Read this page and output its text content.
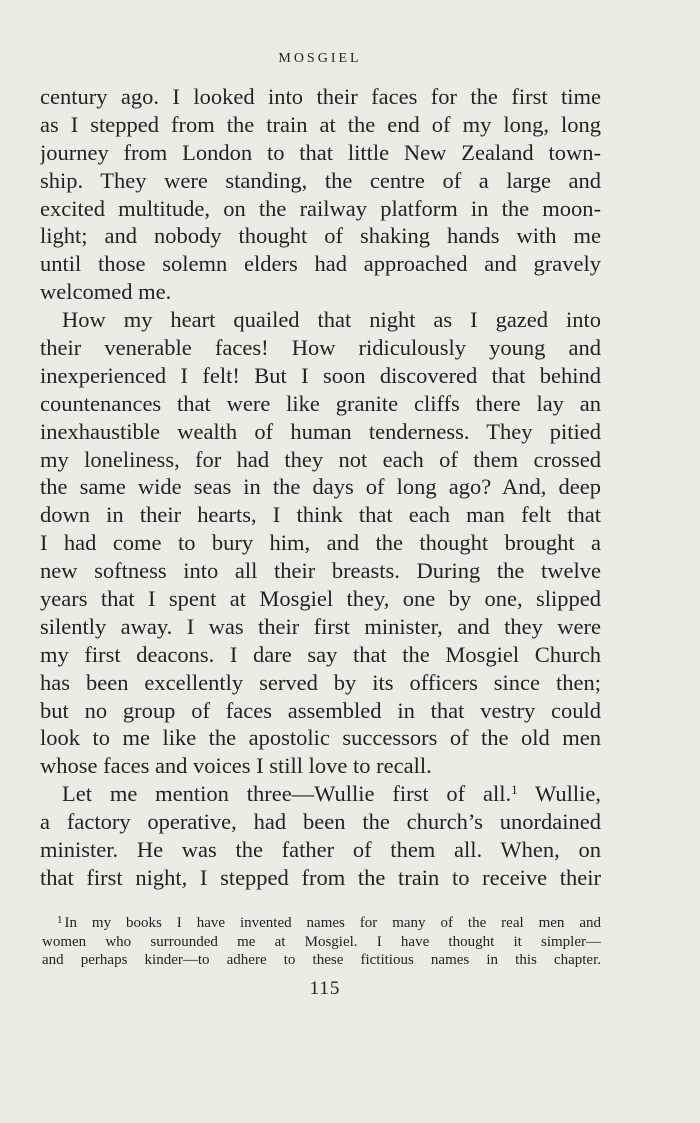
MOSGIEL
century ago. I looked into their faces for the first time
as I stepped from the train at the end of my long, long
journey from London to that little New Zealand town-
ship. They were standing, the centre of a large and
excited multitude, on the railway platform in the moon-
light; and nobody thought of shaking hands with me
until those solemn elders had approached and gravely
welcomed me.
How my heart quailed that night as I gazed into
their venerable faces! How ridiculously young and
inexperienced I felt! But I soon discovered that behind
countenances that were like granite cliffs there lay an
inexhaustible wealth of human tenderness. They pitied
my loneliness, for had they not each of them crossed
the same wide seas in the days of long ago? And, deep
down in their hearts, I think that each man felt that
I had come to bury him, and the thought brought a
new softness into all their breasts. During the twelve
years that I spent at Mosgiel they, one by one, slipped
silently away. I was their first minister, and they were
my first deacons. I dare say that the Mosgiel Church
has been excellently served by its officers since then;
but no group of faces assembled in that vestry could
look to me like the apostolic successors of the old men
whose faces and voices I still love to recall.
Let me mention three—Wullie first of all.$^1$ Wullie,
a factory operative, had been the church’s unordained
minister. He was the father of them all. When, on
that first night, I stepped from the train to receive their
$^1$ In my books I have invented names for many of the real men and
women who surrounded me at Mosgiel. I have thought it simpler—
and perhaps kinder—to adhere to these fictitious names in this chapter.
115
